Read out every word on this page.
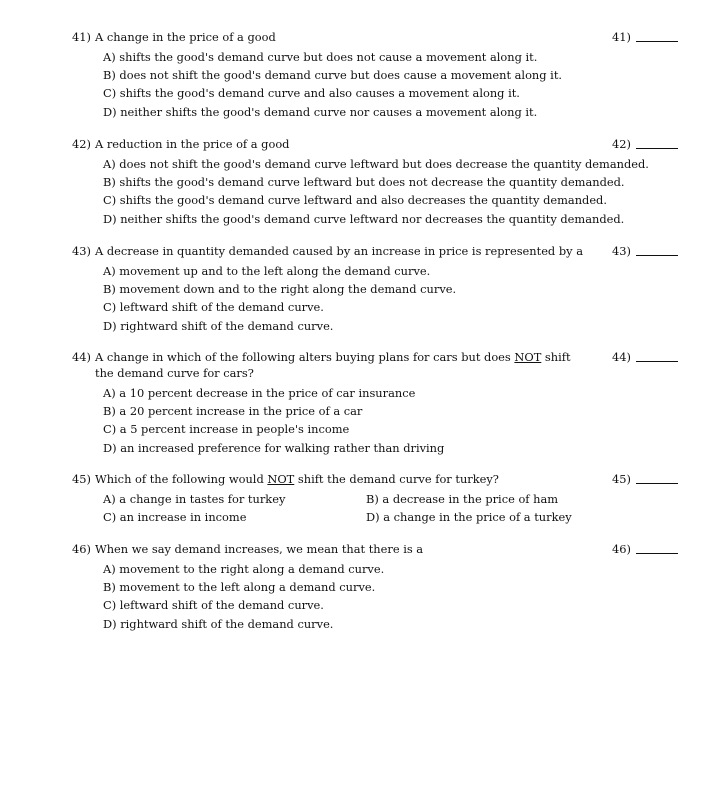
41) A change in the price of a good	41)
A) shifts the good's demand curve but does not cause a movement along it.
B) does not shift the good's demand curve but does cause a movement along it.
C) shifts the good's demand curve and also causes a movement along it.
D) neither shifts the good's demand curve nor causes a movement along it.
42) A reduction in the price of a good	42)
A) does not shift the good's demand curve leftward but does decrease the quantity demanded.
B) shifts the good's demand curve leftward but does not decrease the quantity demanded.
C) shifts the good's demand curve leftward and also decreases the quantity demanded.
D) neither shifts the good's demand curve leftward nor decreases the quantity demanded.
43) A decrease in quantity demanded caused by an increase in price is represented by a	43)
A) movement up and to the left along the demand curve.
B) movement down and to the right along the demand curve.
C) leftward shift of the demand curve.
D) rightward shift of the demand curve.
44) A change in which of the following alters buying plans for cars but does NOT shift the demand curve for cars?
44)
A) a 10 percent decrease in the price of car insurance
B) a 20 percent increase in the price of a car
C) a 5 percent increase in people's income
D) an increased preference for walking rather than driving
45) Which of the following would NOT shift the demand curve for turkey?	45)
A) a change in tastes for turkey	B) a decrease in the price of ham
C) an increase in income	D) a change in the price of a turkey
46) When we say demand increases, we mean that there is a	46)
A) movement to the right along a demand curve.
B) movement to the left along a demand curve.
C) leftward shift of the demand curve.
D) rightward shift of the demand curve.
